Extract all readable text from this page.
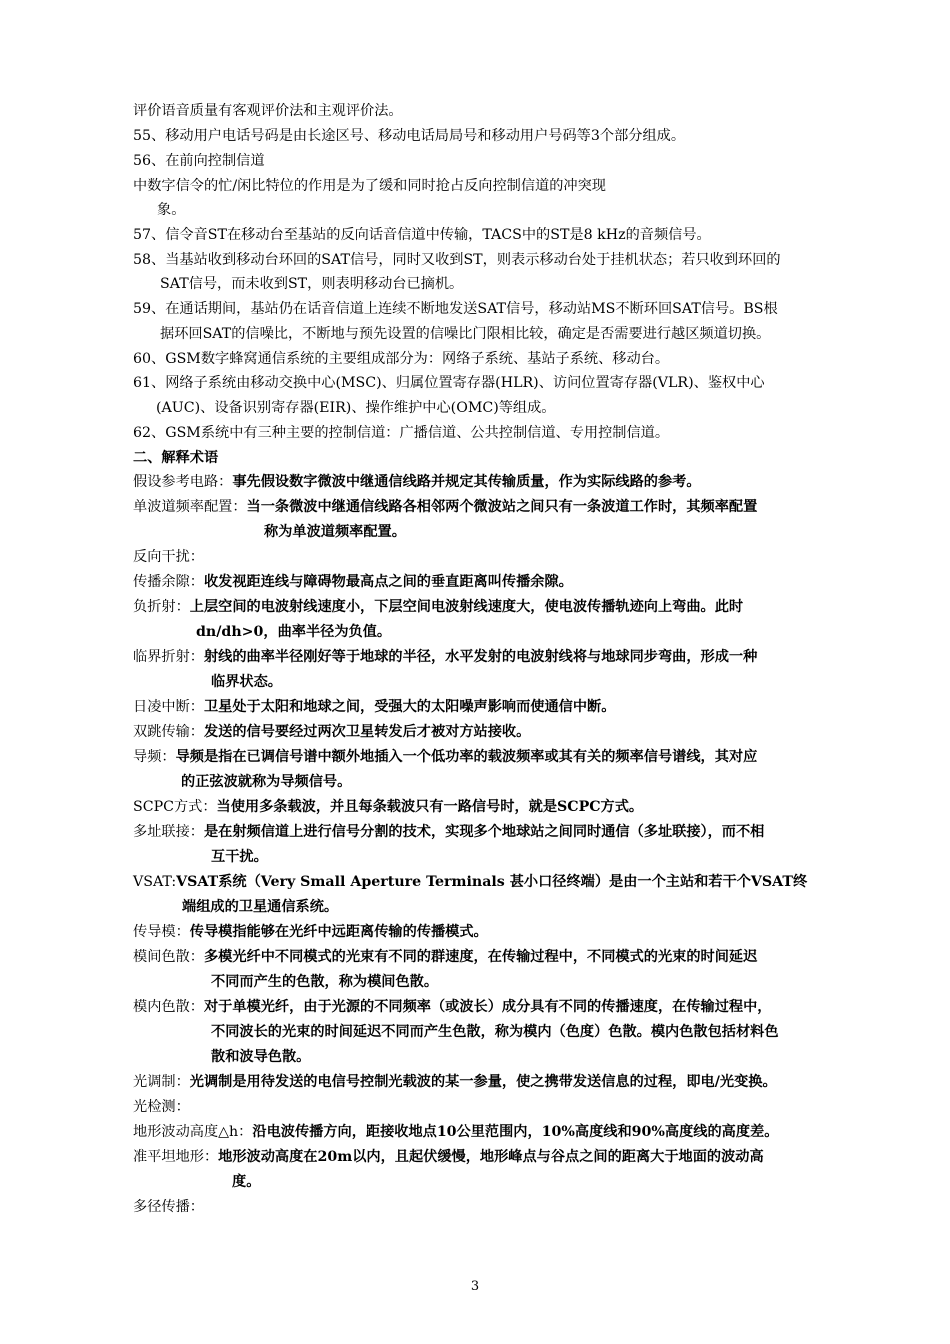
评价语音质量有客观评价法和主观评价法。
55、移动用户电话号码是由长途区号、移动电话局局号和移动用户号码等3个部分组成。
56、在前向控制信道
中数字信令的忙/闲比特位的作用是为了缓和同时抢占反向控制信道的冲突现
象。
57、信令音ST在移动台至基站的反向话音信道中传输，TACS中的ST是8 kHz的音频信号。
58、当基站收到移动台环回的SAT信号，同时又收到ST，则表示移动台处于挂机状态；若只收到环回的
SAT信号，而未收到ST，则表明移动台已摘机。
59、在通话期间，基站仍在话音信道上连续不断地发送SAT信号，移动站MS不断环回SAT信号。BS根
据环回SAT的信噪比，不断地与预先设置的信噪比门限相比较，确定是否需要进行越区频道切换。
60、GSM数字蜂窝通信系统的主要组成部分为：网络子系统、基站子系统、移动台。
61、网络子系统由移动交换中心(MSC)、归属位置寄存器(HLR)、访问位置寄存器(VLR)、鉴权中心
(AUC)、设备识别寄存器(EIR)、操作维护中心(OMC)等组成。
62、GSM系统中有三种主要的控制信道：广播信道、公共控制信道、专用控制信道。
二、解释术语
假设参考电路：事先假设数字微波中继通信线路并规定其传输质量，作为实际线路的参考。
单波道频率配置：当一条微波中继通信线路各相邻两个微波站之间只有一条波道工作时，其频率配置
称为单波道频率配置。
反向干扰：
传播余隙：收发视距连线与障碍物最高点之间的垂直距离叫传播余隙。
负折射：上层空间的电波射线速度小，下层空间电波射线速度大，使电波传播轨迹向上弯曲。此时
dn/dh>0，曲率半径为负值。
临界折射：射线的曲率半径刚好等于地球的半径，水平发射的电波射线将与地球同步弯曲，形成一种
临界状态。
日凌中断：卫星处于太阳和地球之间，受强大的太阳噪声影响而使通信中断。
双跳传输：发送的信号要经过两次卫星转发后才被对方站接收。
导频：导频是指在已调信号谱中额外地插入一个低功率的载波频率或其有关的频率信号谱线，其对应
的正弦波就称为导频信号。
SCPC方式：当使用多条载波，并且每条载波只有一路信号时，就是SCPC方式。
多址联接：是在射频信道上进行信号分割的技术，实现多个地球站之间同时通信（多址联接），而不相
互干扰。
VSAT:VSAT系统（Very Small Aperture Terminals 甚小口径终端）是由一个主站和若干个VSAT终
端组成的卫星通信系统。
传导模：传导模指能够在光纤中远距离传输的传播模式。
模间色散：多模光纤中不同模式的光束有不同的群速度，在传输过程中，不同模式的光束的时间延迟
不同而产生的色散，称为模间色散。
模内色散：对于单模光纤，由于光源的不同频率（或波长）成分具有不同的传播速度，在传输过程中，
不同波长的光束的时间延迟不同而产生色散，称为模内（色度）色散。模内色散包括材料色
散和波导色散。
光调制：光调制是用待发送的电信号控制光载波的某一参量，使之携带发送信息的过程，即电/光变换。
光检测：
地形波动高度△h：沿电波传播方向，距接收地点10公里范围内，10%高度线和90%高度线的高度差。
准平坦地形：地形波动高度在20m以内，且起伏缓慢，地形峰点与谷点之间的距离大于地面的波动高
度。
多径传播：
3
